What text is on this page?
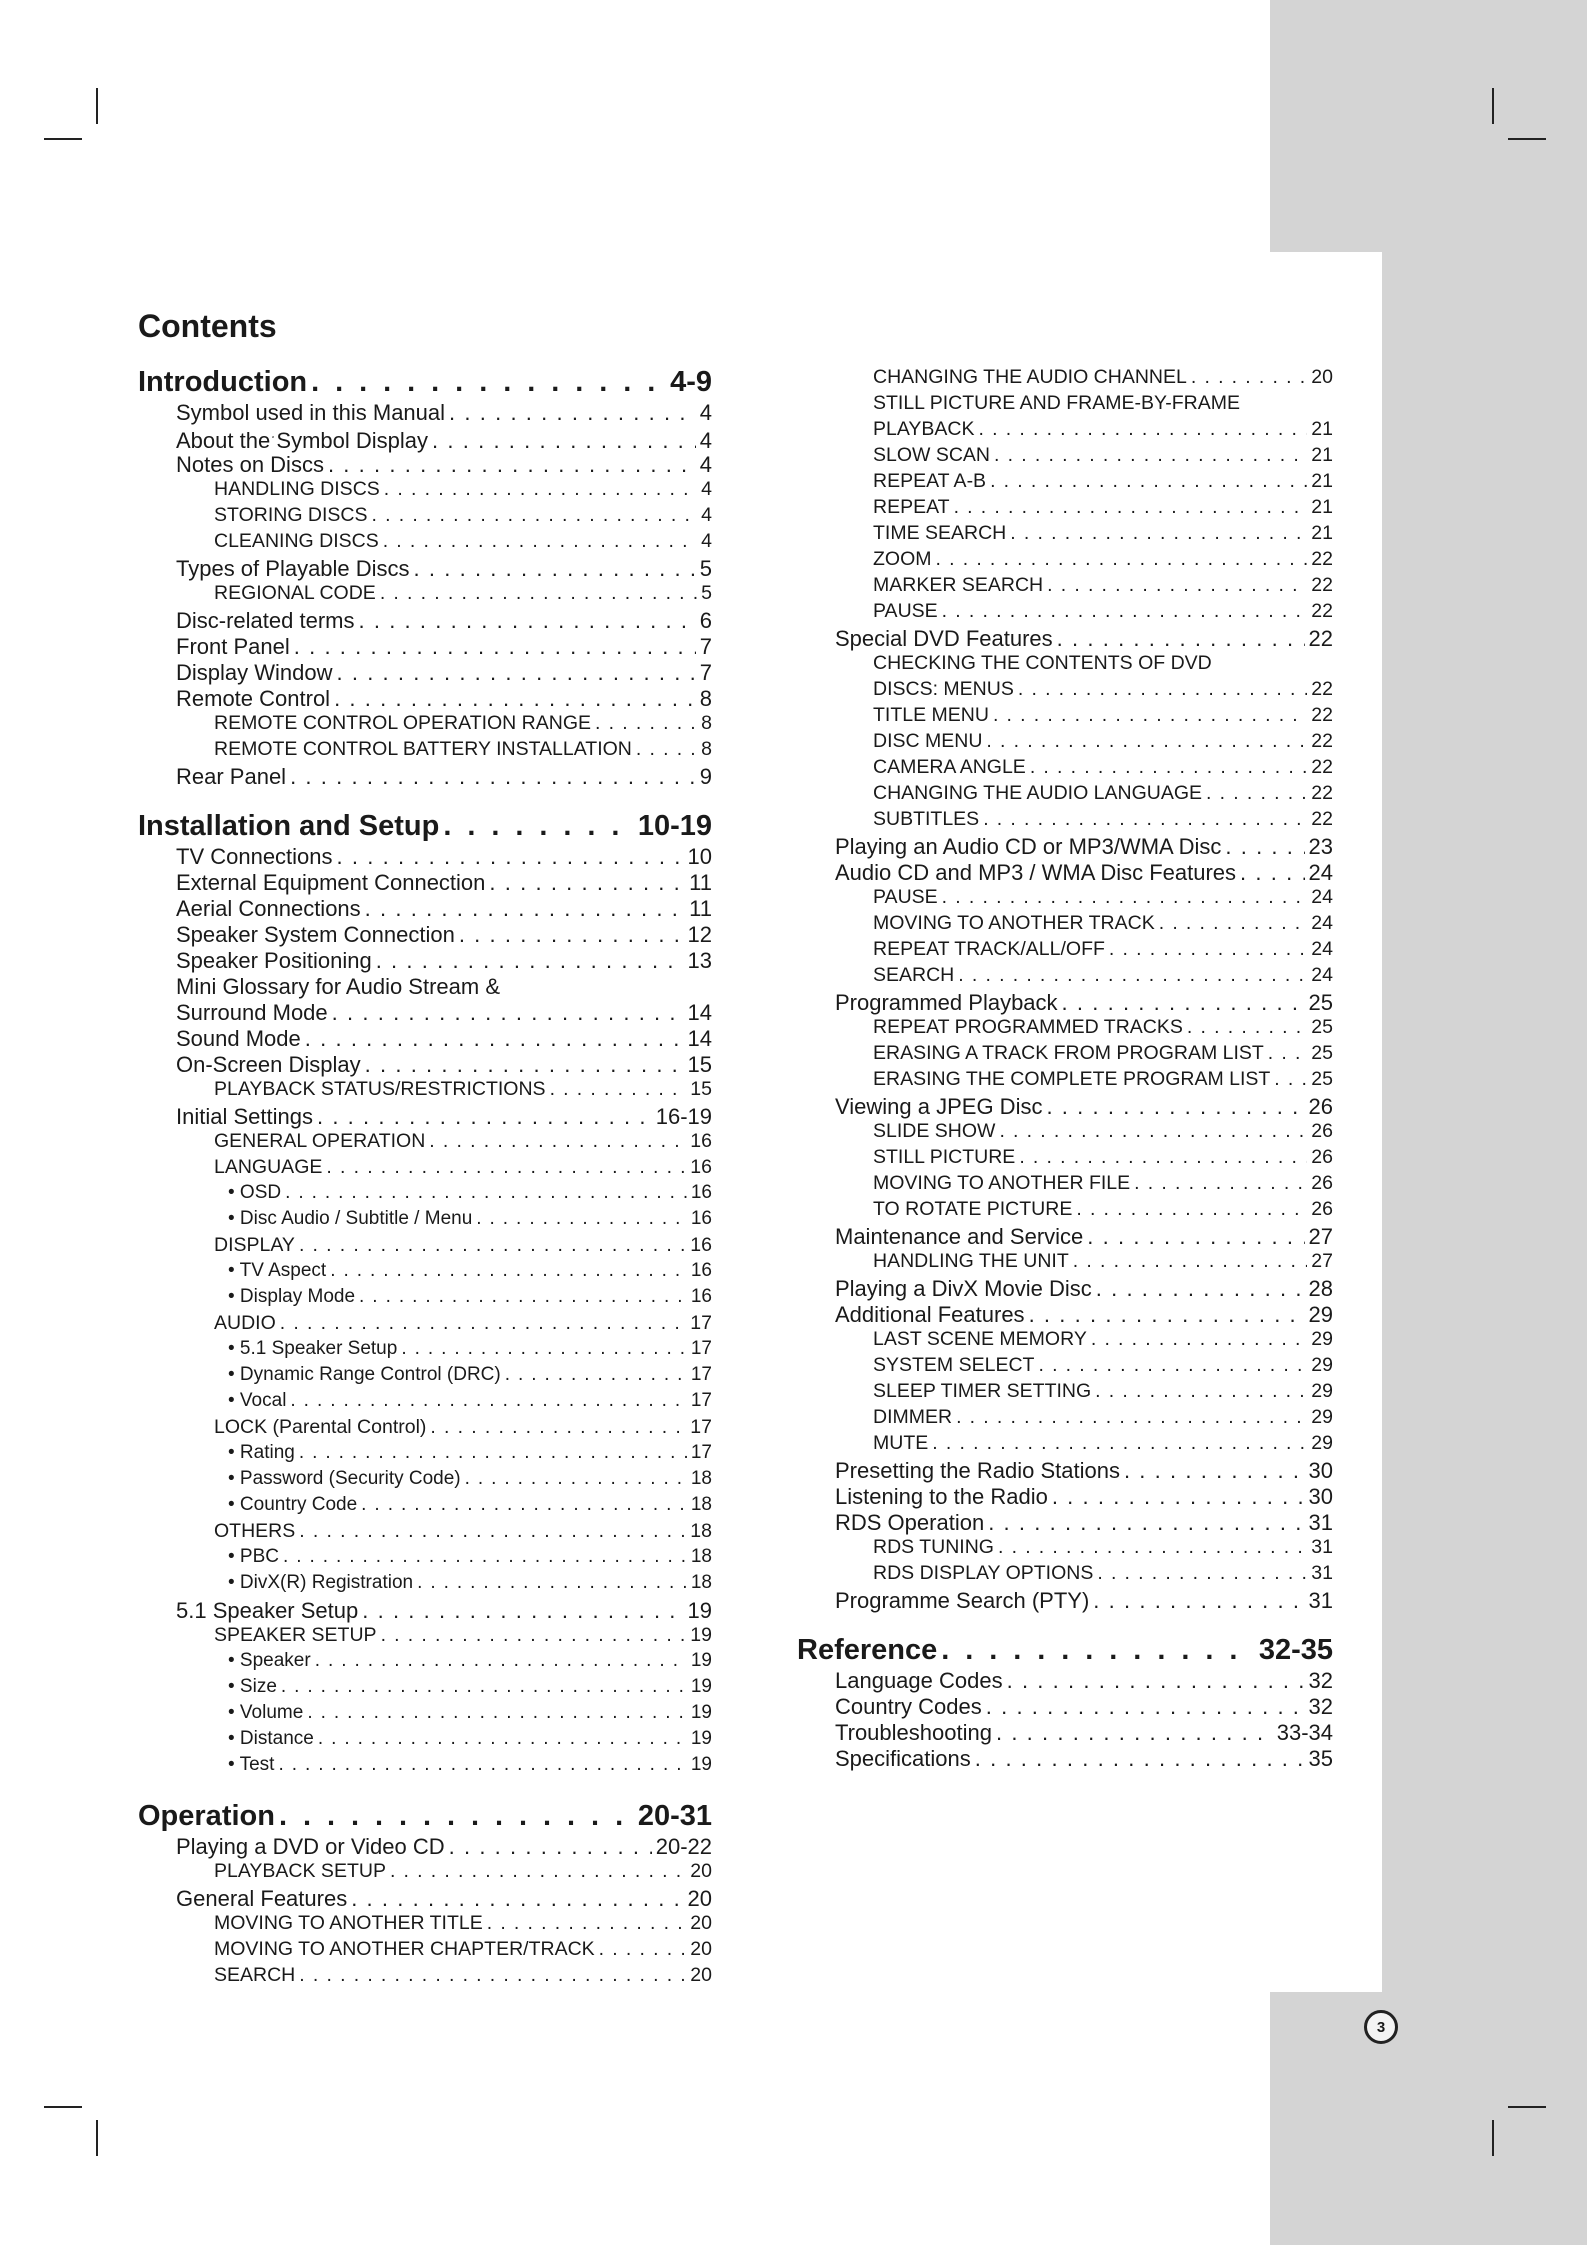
Contents
Introduction .....	4-9
Symbol used in this Manual .....	4
About the Symbol Display .....	4
Notes on Discs .....	4
HANDLING DISCS .....	4
STORING DISCS .....	4
CLEANING DISCS .....	4
Types of Playable Discs .....	5
REGIONAL CODE .....	5
Disc-related terms .....	6
Front Panel .....	7
Display Window .....	7
Remote Control .....	8
REMOTE CONTROL OPERATION RANGE .....	8
REMOTE CONTROL BATTERY INSTALLATION .....	8
Rear Panel .....	9
Installation and Setup .....	10-19
TV Connections .....	10
External Equipment Connection .....	11
Aerial Connections .....	11
Speaker System Connection .....	12
Speaker Positioning .....	13
Mini Glossary for Audio Stream &
Surround Mode .....	14
Sound Mode .....	14
On-Screen Display .....	15
PLAYBACK STATUS/RESTRICTIONS .....	15
Initial Settings .....	16-19
GENERAL OPERATION .....	16
LANGUAGE .....	16
• OSD .....	16
• Disc Audio / Subtitle / Menu .....	16
DISPLAY .....	16
• TV Aspect .....	16
• Display Mode .....	16
AUDIO .....	17
• 5.1 Speaker Setup .....	17
• Dynamic Range Control (DRC) .....	17
• Vocal .....	17
LOCK (Parental Control) .....	17
• Rating .....	17
• Password (Security Code) .....	18
• Country Code .....	18
OTHERS .....	18
• PBC .....	18
• DivX(R) Registration .....	18
5.1 Speaker Setup .....	19
SPEAKER SETUP .....	19
• Speaker .....	19
• Size .....	19
• Volume .....	19
• Distance .....	19
• Test .....	19
Operation .....	20-31
Playing a DVD or Video CD .....	20-22
PLAYBACK SETUP .....	20
General Features .....	20
MOVING TO ANOTHER TITLE .....	20
MOVING TO ANOTHER CHAPTER/TRACK .....	20
SEARCH .....	20
CHANGING THE AUDIO CHANNEL .....	20
STILL PICTURE AND FRAME-BY-FRAME
PLAYBACK .....	21
SLOW SCAN .....	21
REPEAT A-B .....	21
REPEAT .....	21
TIME SEARCH .....	21
ZOOM .....	22
MARKER SEARCH .....	22
PAUSE .....	22
Special DVD Features .....	22
CHECKING THE CONTENTS OF DVD
DISCS: MENUS .....	22
TITLE MENU .....	22
DISC MENU .....	22
CAMERA ANGLE .....	22
CHANGING THE AUDIO LANGUAGE .....	22
SUBTITLES .....	22
Playing an Audio CD or MP3/WMA Disc .....	23
Audio CD and MP3 / WMA Disc Features .....	24
PAUSE .....	24
MOVING TO ANOTHER TRACK .....	24
REPEAT TRACK/ALL/OFF .....	24
SEARCH .....	24
Programmed Playback .....	25
REPEAT PROGRAMMED TRACKS .....	25
ERASING A TRACK FROM PROGRAM LIST ..... 25
ERASING THE COMPLETE PROGRAM LIST ..... 25
Viewing a JPEG Disc .....	26
SLIDE SHOW .....	26
STILL PICTURE .....	26
MOVING TO ANOTHER FILE .....	26
TO ROTATE PICTURE .....	26
Maintenance and Service .....	27
HANDLING THE UNIT .....	27
Playing a DivX Movie Disc .....	28
Additional Features .....	29
LAST SCENE MEMORY .....	29
SYSTEM SELECT .....	29
SLEEP TIMER SETTING .....	29
DIMMER .....	29
MUTE .....	29
Presetting the Radio Stations .....	30
Listening to the Radio .....	30
RDS Operation .....	31
RDS TUNING .....	31
RDS DISPLAY OPTIONS .....	31
Programme Search (PTY) .....	31
Reference .....	32-35
Language Codes .....	32
Country Codes .....	32
Troubleshooting .....	33-34
Specifications .....	35
3
